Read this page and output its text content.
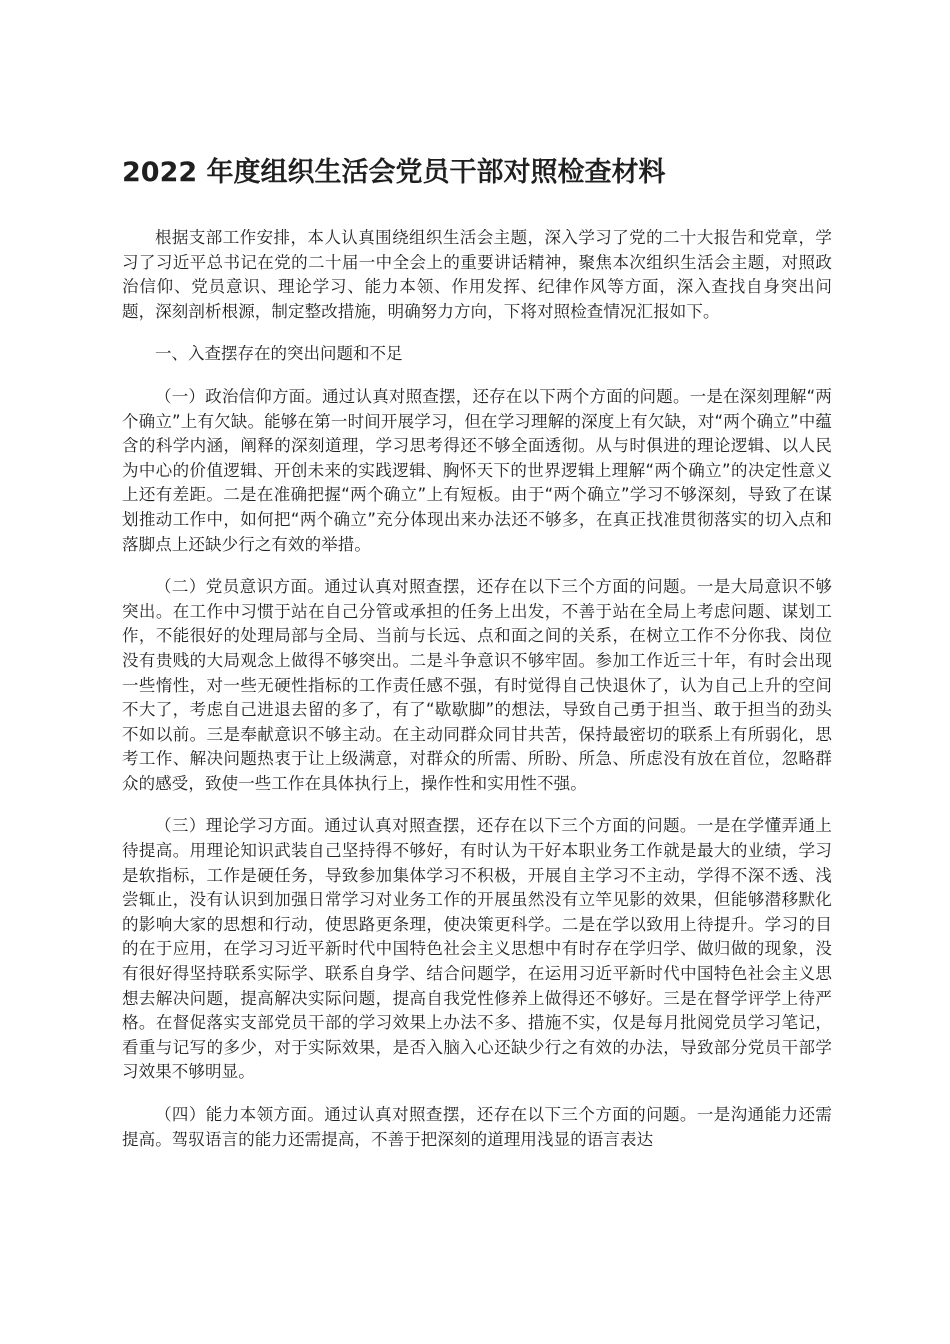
2022 年度组织生活会党员干部对照检查材料

根据支部工作安排，本人认真围绕组织生活会主题，深入学习了党的二十大报告和党章，学习了习近平总书记在党的二十届一中全会上的重要讲话精神，聚焦本次组织生活会主题，对照政治信仰、党员意识、理论学习、能力本领、作用发挥、纪律作风等方面，深入查找自身突出问题，深刻剖析根源，制定整改措施，明确努力方向，下将对照检查情况汇报如下。

一、入查摆存在的突出问题和不足

（一）政治信仰方面。通过认真对照查摆，还存在以下两个方面的问题。一是在深刻理解“两个确立”上有欠缺。能够在第一时间开展学习，但在学习理解的深度上有欠缺，对“两个确立”中蕴含的科学内涵，阐释的深刻道理，学习思考得还不够全面透彻。从与时俱进的理论逻辑、以人民为中心的价值逻辑、开创未来的实践逻辑、胸怀天下的世界逻辑上理解“两个确立”的决定性意义上还有差距。二是在准确把握“两个确立”上有短板。由于“两个确立”学习不够深刻，导致了在谋划推动工作中，如何把“两个确立”充分体现出来办法还不够多，在真正找准贯彻落实的切入点和落脚点上还缺少行之有效的举措。

（二）党员意识方面。通过认真对照查摆，还存在以下三个方面的问题。一是大局意识不够突出。在工作中习惯于站在自己分管或承担的任务上出发，不善于站在全局上考虑问题、谋划工作，不能很好的处理局部与全局、当前与长远、点和面之间的关系，在树立工作不分你我、岗位没有贵贱的大局观念上做得不够突出。二是斗争意识不够牢固。参加工作近三十年，有时会出现一些惰性，对一些无硬性指标的工作责任感不强，有时觉得自己快退休了，认为自己上升的空间不大了，考虑自己进退去留的多了，有了“歇歇脚”的想法，导致自己勇于担当、敢于担当的劲头不如以前。三是奉献意识不够主动。在主动同群众同甘共苦，保持最密切的联系上有所弱化，思考工作、解决问题热衷于让上级满意，对群众的所需、所盼、所急、所虑没有放在首位，忽略群众的感受，致使一些工作在具体执行上，操作性和实用性不强。

（三）理论学习方面。通过认真对照查摆，还存在以下三个方面的问题。一是在学懂弄通上待提高。用理论知识武装自己坚持得不够好，有时认为干好本职业务工作就是最大的业绩，学习是软指标，工作是硬任务，导致参加集体学习不积极，开展自主学习不主动，学得不深不透、浅尝辄止，没有认识到加强日常学习对业务工作的开展虽然没有立竿见影的效果，但能够潜移默化的影响大家的思想和行动，使思路更条理，使决策更科学。二是在学以致用上待提升。学习的目的在于应用，在学习习近平新时代中国特色社会主义思想中有时存在学归学、做归做的现象，没有很好得坚持联系实际学、联系自身学、结合问题学，在运用习近平新时代中国特色社会主义思想去解决问题，提高解决实际问题，提高自我党性修养上做得还不够好。三是在督学评学上待严格。在督促落实支部党员干部的学习效果上办法不多、措施不实，仅是每月批阅党员学习笔记，看重与记写的多少，对于实际效果，是否入脑入心还缺少行之有效的办法，导致部分党员干部学习效果不够明显。

（四）能力本领方面。通过认真对照查摆，还存在以下三个方面的问题。一是沟通能力还需提高。驾驭语言的能力还需提高，不善于把深刻的道理用浅显的语言表达
